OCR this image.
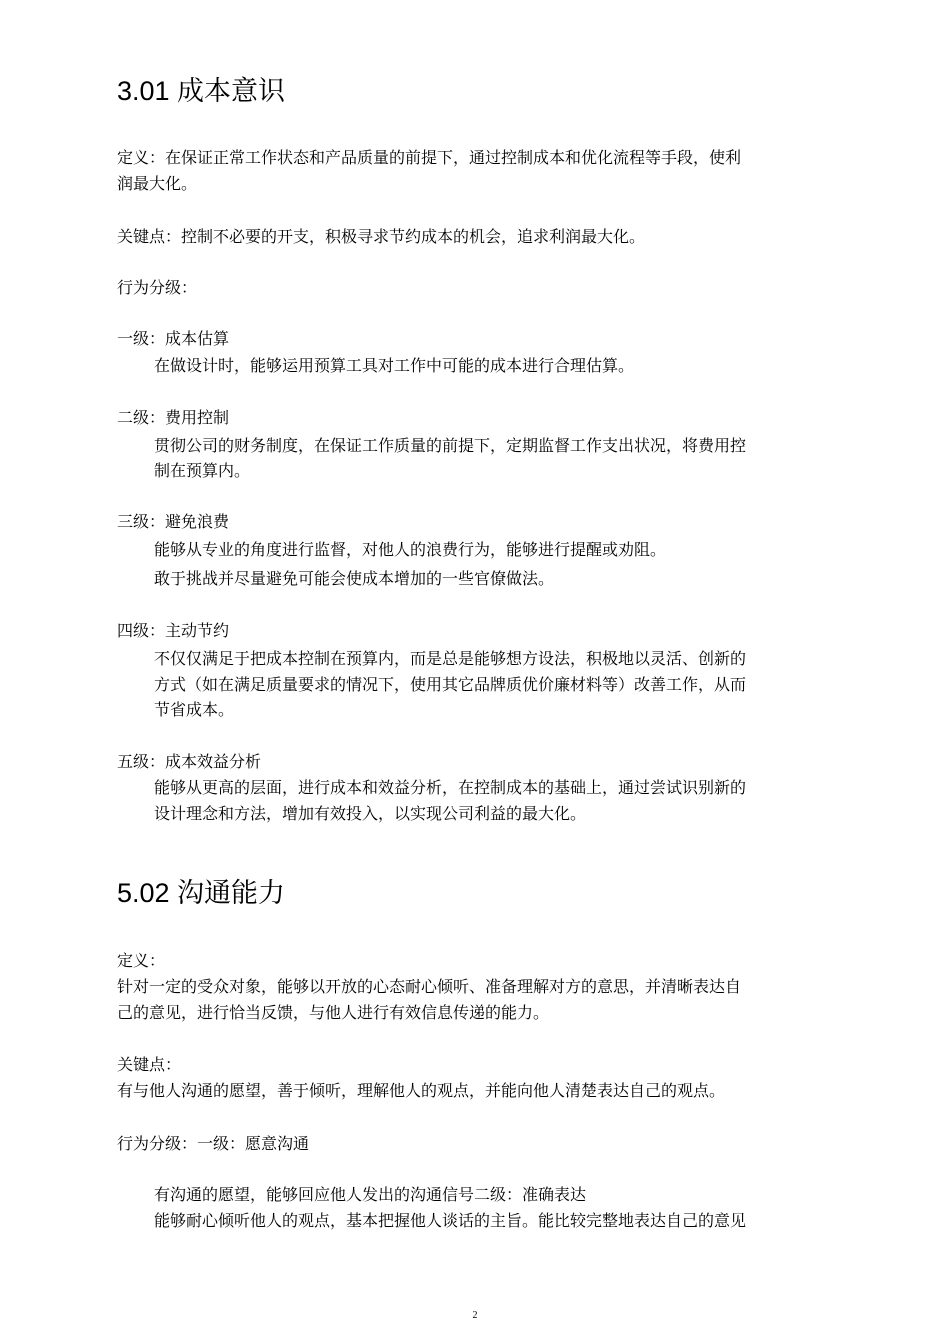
3.01 成本意识

定义：在保证正常工作状态和产品质量的前提下，通过控制成本和优化流程等手段，使利

润最大化。

关键点：控制不必要的开支，积极寻求节约成本的机会，追求利润最大化。

行为分级：

一级：成本估算

在做设计时，能够运用预算工具对工作中可能的成本进行合理估算。

二级：费用控制

贯彻公司的财务制度，在保证工作质量的前提下，定期监督工作支出状况，将费用控

制在预算内。

三级：避免浪费

能够从专业的角度进行监督，对他人的浪费行为，能够进行提醒或劝阻。

敢于挑战并尽量避免可能会使成本增加的一些官僚做法。

四级：主动节约

不仅仅满足于把成本控制在预算内，而是总是能够想方设法，积极地以灵活、创新的

方式（如在满足质量要求的情况下，使用其它品牌质优价廉材料等）改善工作，从而

节省成本。

五级：成本效益分析

能够从更高的层面，进行成本和效益分析，在控制成本的基础上，通过尝试识别新的

设计理念和方法，增加有效投入，以实现公司利益的最大化。

5.02 沟通能力

定义：

针对一定的受众对象，能够以开放的心态耐心倾听、准备理解对方的意思，并清晰表达自

己的意见，进行恰当反馈，与他人进行有效信息传递的能力。

关键点：

有与他人沟通的愿望，善于倾听，理解他人的观点，并能向他人清楚表达自己的观点。

行为分级：一级：愿意沟通

有沟通的愿望，能够回应他人发出的沟通信号二级：准确表达

能够耐心倾听他人的观点，基本把握他人谈话的主旨。能比较完整地表达自己的意见

2
